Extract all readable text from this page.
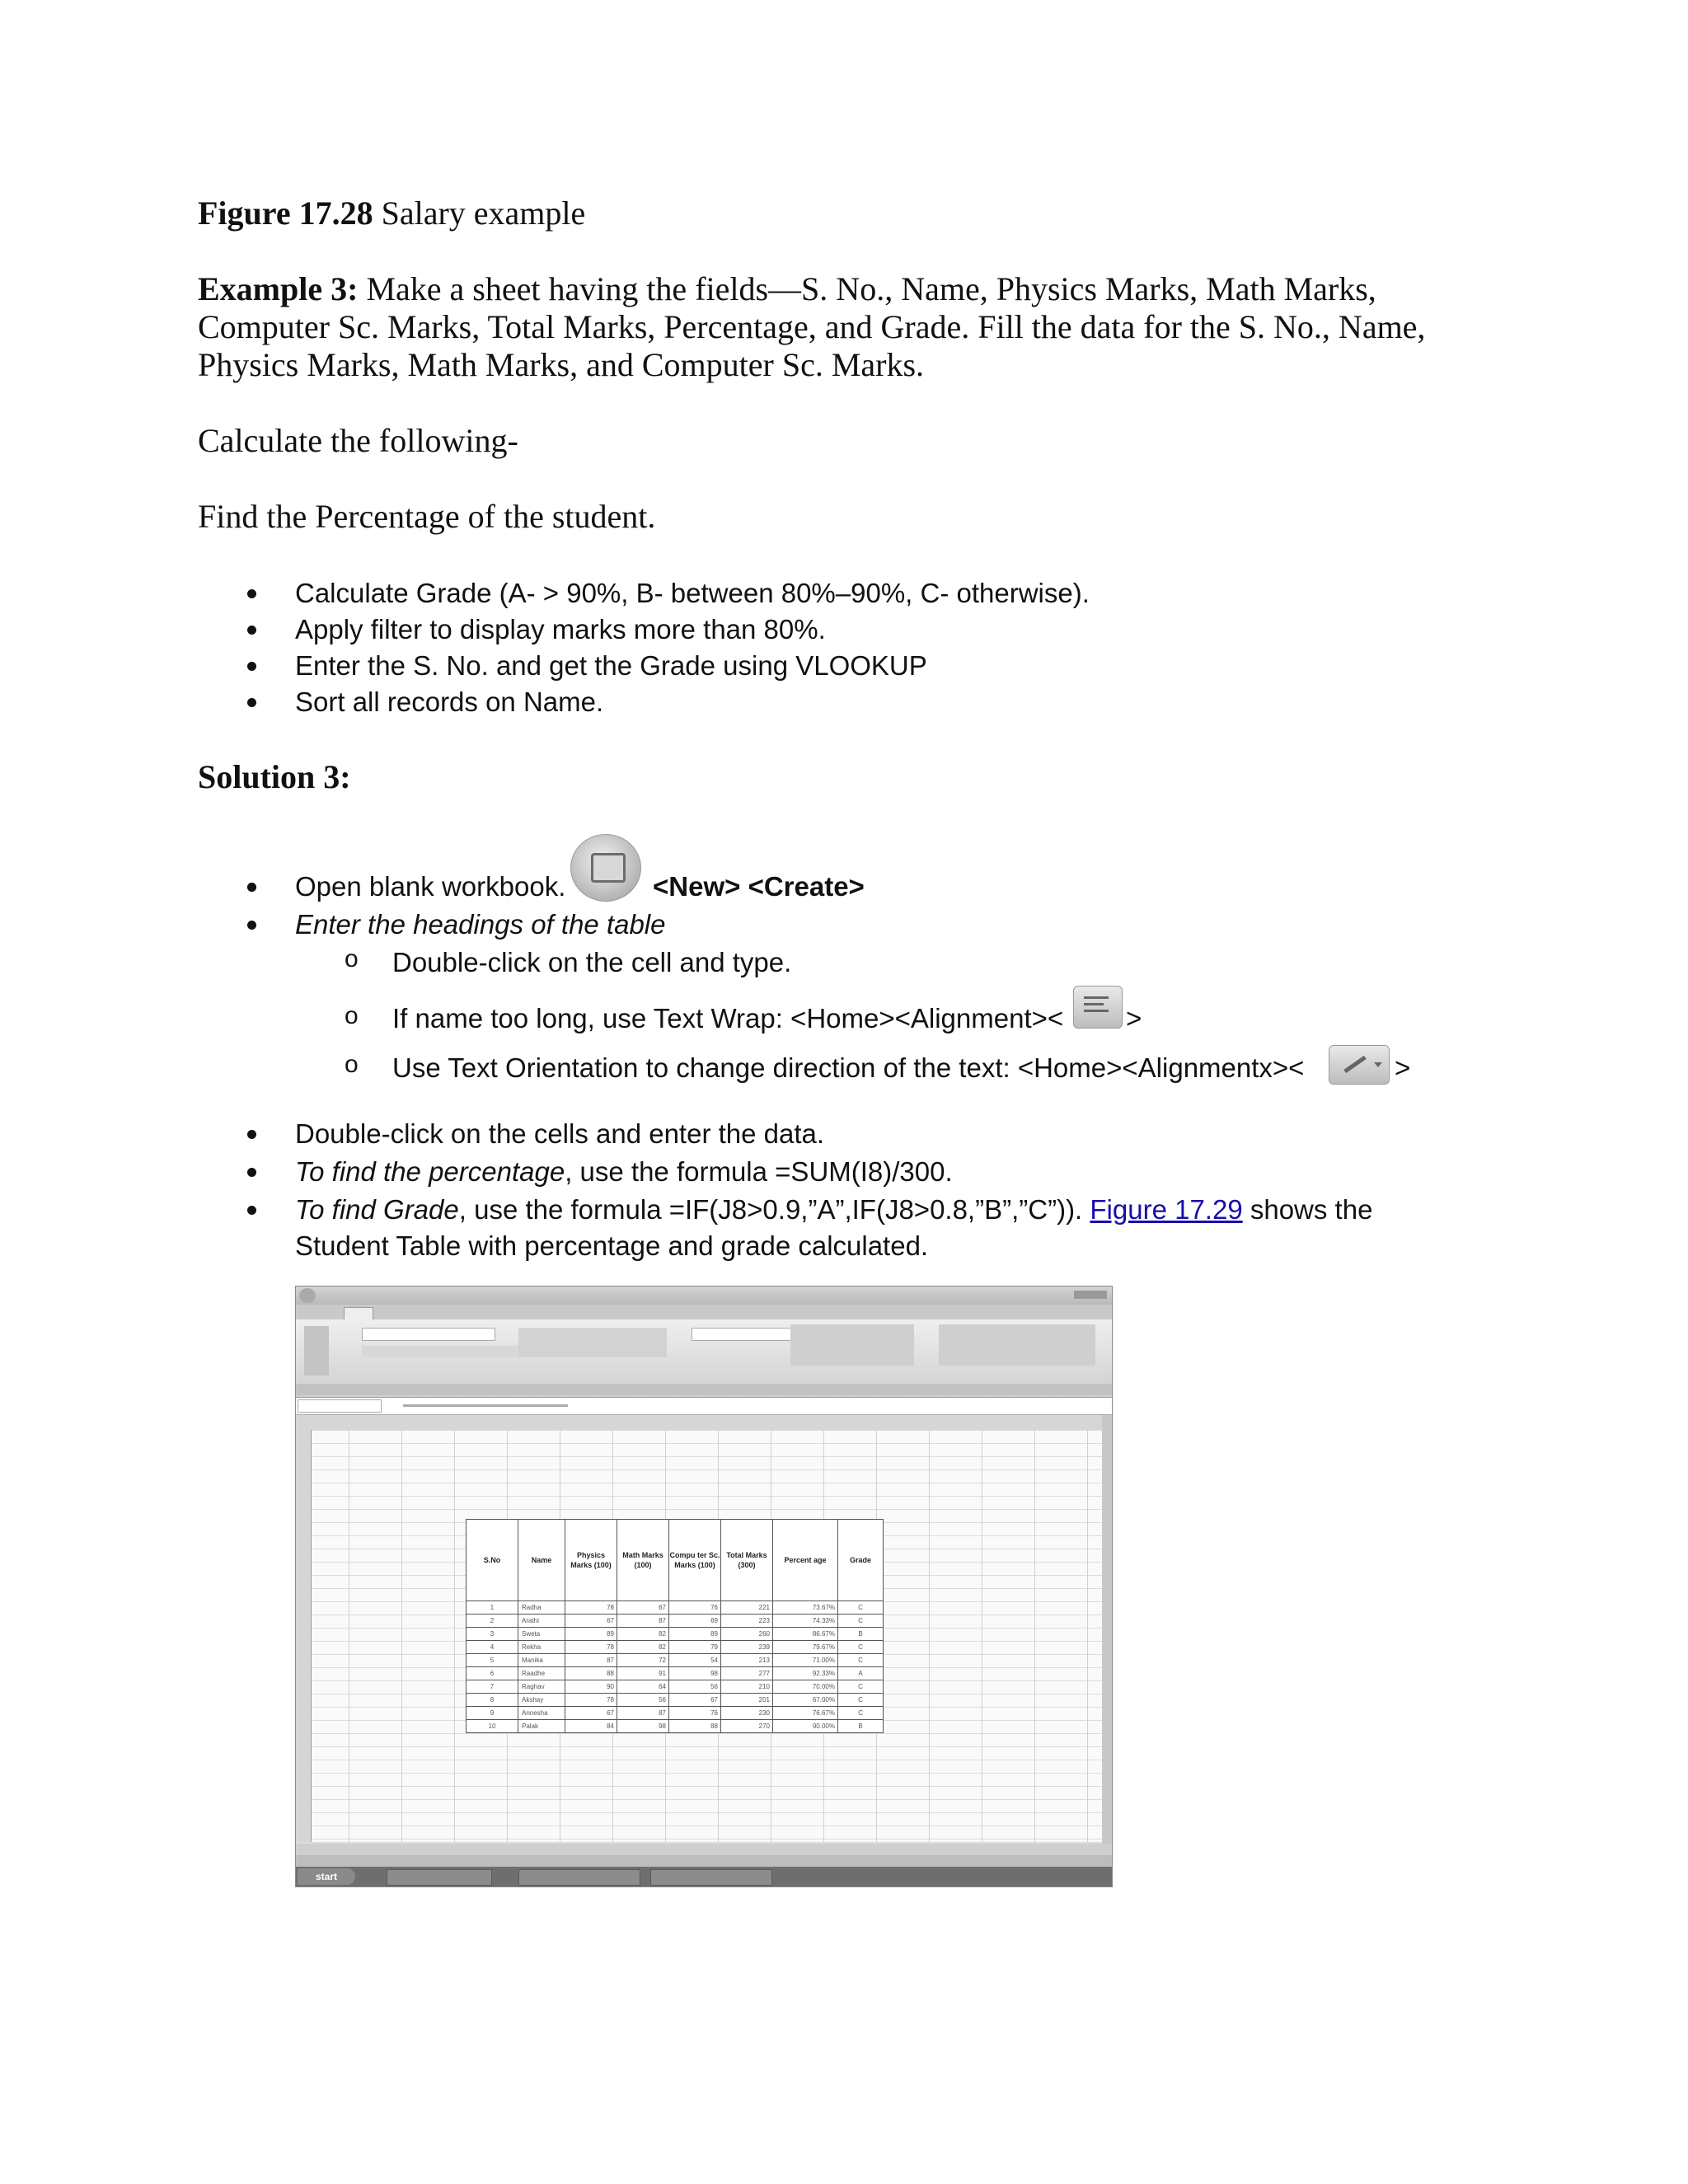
Figure 17.28 Salary example
Example 3: Make a sheet having the fields—S. No., Name, Physics Marks, Math Marks, Computer Sc. Marks, Total Marks, Percentage, and Grade. Fill the data for the S. No., Name, Physics Marks, Math Marks, and Computer Sc. Marks.
Calculate the following-
Find the Percentage of the student.
Calculate Grade (A- > 90%, B- between 80%–90%, C- otherwise).
Apply filter to display marks more than 80%.
Enter the S. No. and get the Grade using VLOOKUP
Sort all records on Name.
Solution 3:
Open blank workbook.	<New> <Create>
Enter the headings of the table
o Double-click on the cell and type.
o If name too long, use Text Wrap: <Home><Alignment>< >
o Use Text Orientation to change direction of the text: <Home><Alignmentx><	>
Double-click on the cells and enter the data.
To find the percentage, use the formula =SUM(I8)/300.
To find Grade, use the formula =IF(J8>0.9,”A”,IF(J8>0.8,”B”,”C”)). Figure 17.29 shows the
Student Table with percentage and grade calculated.
S.No	Name	Physics Marks (100)	Math Marks (100)	Compu ter Sc. Marks (100)	Total Marks (300)	Percent age	Grade
1	Radha	78	67	76	221	73.67%	C
2	Arathi	67	87	69	223	74.33%	C
3	Sweta	89	82	89	260	86.67%	B
4	Rekha	78	82	79	239	79.67%	C
5	Manika	87	72	54	213	71.00%	C
6	Raadhe	88	91	98	277	92.33%	A
7	Raghav	90	64	56	210	70.00%	C
8	Akshay	78	56	67	201	67.00%	C
9	Annesha	67	87	76	230	76.67%	C
10	Palak	84	98	88	270	90.00%	B
start
